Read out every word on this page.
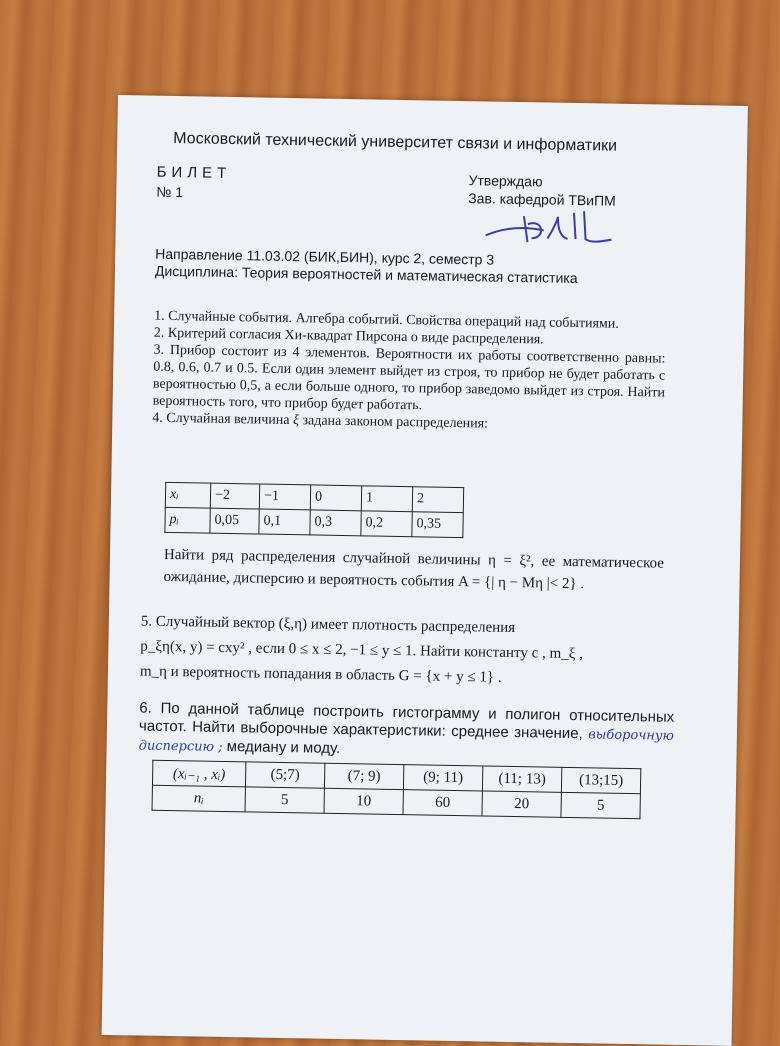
Московский технический университет связи и информатики
БИЛЕТ
№ 1
Утверждаю
Зав. кафедрой ТВиПМ
Направление 11.03.02 (БИК,БИН), курс 2, семестр 3
Дисциплина: Теория вероятностей и математическая статистика

1. Случайные события. Алгебра событий. Свойства операций над событиями.

2. Критерий согласия Хи-квадрат Пирсона о виде распределения.

3. Прибор состоит из 4 элементов. Вероятности их работы соответственно равны: 0.8, 0.6, 0.7 и 0.5. Если один элемент выйдет из строя, то прибор не будет работать с вероятностью 0,5, а если больше одного, то прибор заведомо выйдет из строя. Найти вероятность того, что прибор будет работать.

4. Случайная величина ξ задана законом распределения:

xᵢ	−2	−1	0	1	2
pᵢ	0,05	0,1	0,3	0,2	0,35
Найти ряд распределения случайной величины η = ξ², ее математическое ожидание, дисперсию и вероятность события A = {| η − Mη |< 2} .
5. Случайный вектор (ξ,η) имеет плотность распределения
p_ξη(x, y) = cxy² , если 0 ≤ x ≤ 2, −1 ≤ y ≤ 1. Найти константу c , m_ξ ,
m_η и вероятность попадания в область G = {x + y ≤ 1} .
6. По данной таблице построить гистограмму и полигон относительных частот. Найти выборочные характеристики: среднее значение, выборочную дисперсию ; медиану и моду.
(xᵢ₋₁ , xᵢ)	(5;7)	(7; 9)	(9; 11)	(11; 13)	(13;15)
nᵢ	5	10	60	20	5
